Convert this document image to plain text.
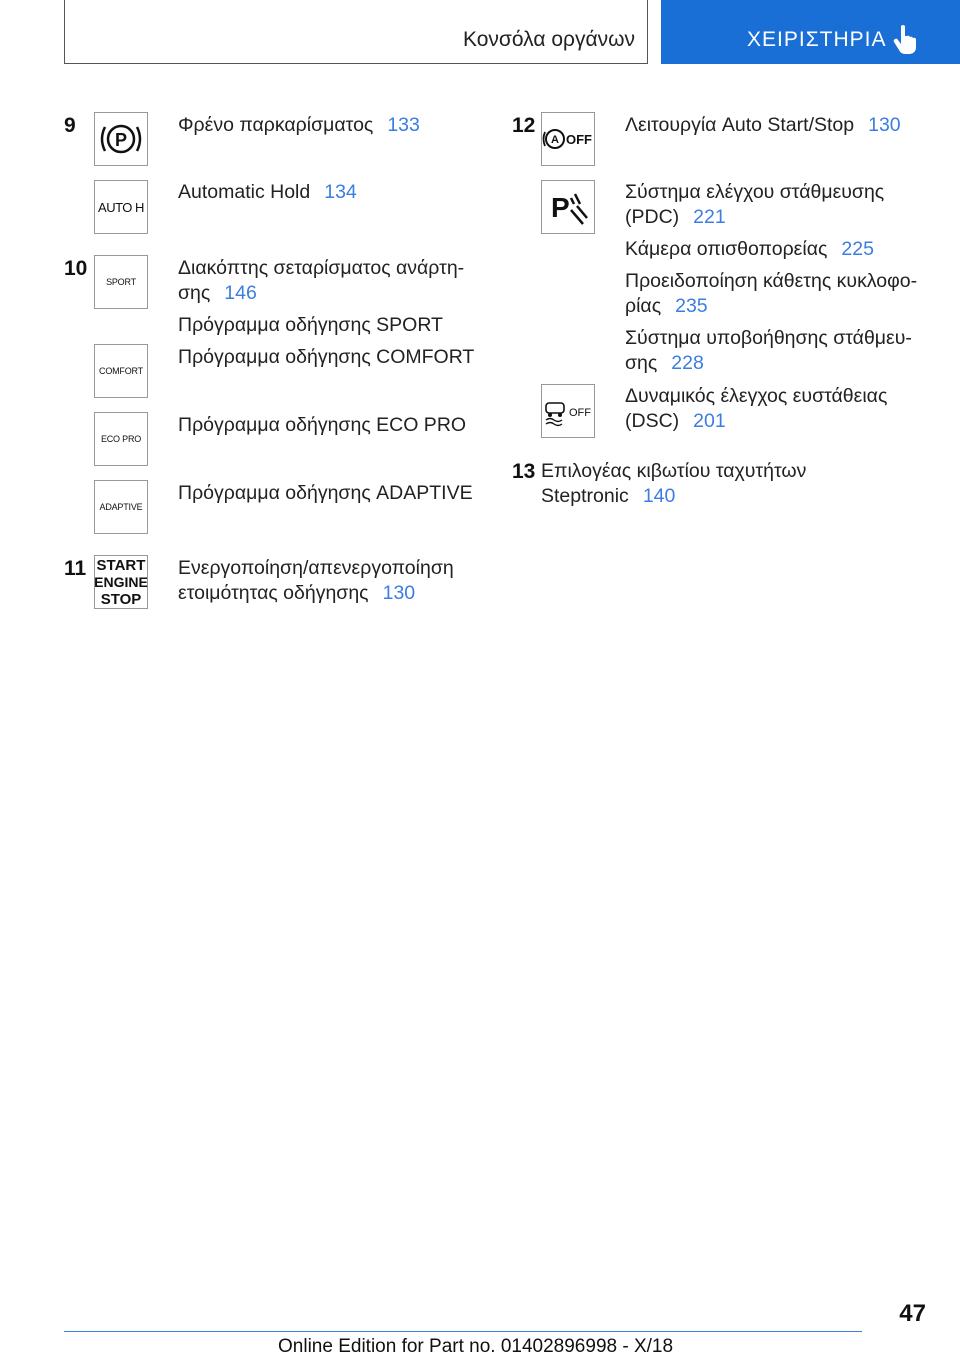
Κονσόλα οργάνων	ΧΕΙΡΙΣΤΗΡΙΑ
9
P
Φρένο παρκαρίσματος 133
AUTO H
Automatic Hold 134
10
SPORT
Διακόπτης σεταρίσματος ανάρτη-
σης 146
Πρόγραμμα οδήγησης SPORT
COMFORT
Πρόγραμμα οδήγησης COMFORT
ECO PRO
Πρόγραμμα οδήγησης ECO PRO
ADAPTIVE
Πρόγραμμα οδήγησης ADAPTIVE
11 START
ENGINE
STOP
Ενεργοποίηση/απενεργοποίηση
ετοιμότητας οδήγησης 130
12
A OFF
Λειτουργία Auto Start/Stop 130
P	Σύστημα ελέγχου στάθμευσης
(PDC) 221
Κάμερα οπισθοπορείας 225
Προειδοποίηση κάθετης κυκλοφο-
ρίας 235
Σύστημα υποβοήθησης στάθμευ-
σης 228
OFF
Δυναμικός έλεγχος ευστάθειας
(DSC) 201
13 Επιλογέας κιβωτίου ταχυτήτων
Steptronic 140
47
Online Edition for Part no. 01402896998 - X/18
